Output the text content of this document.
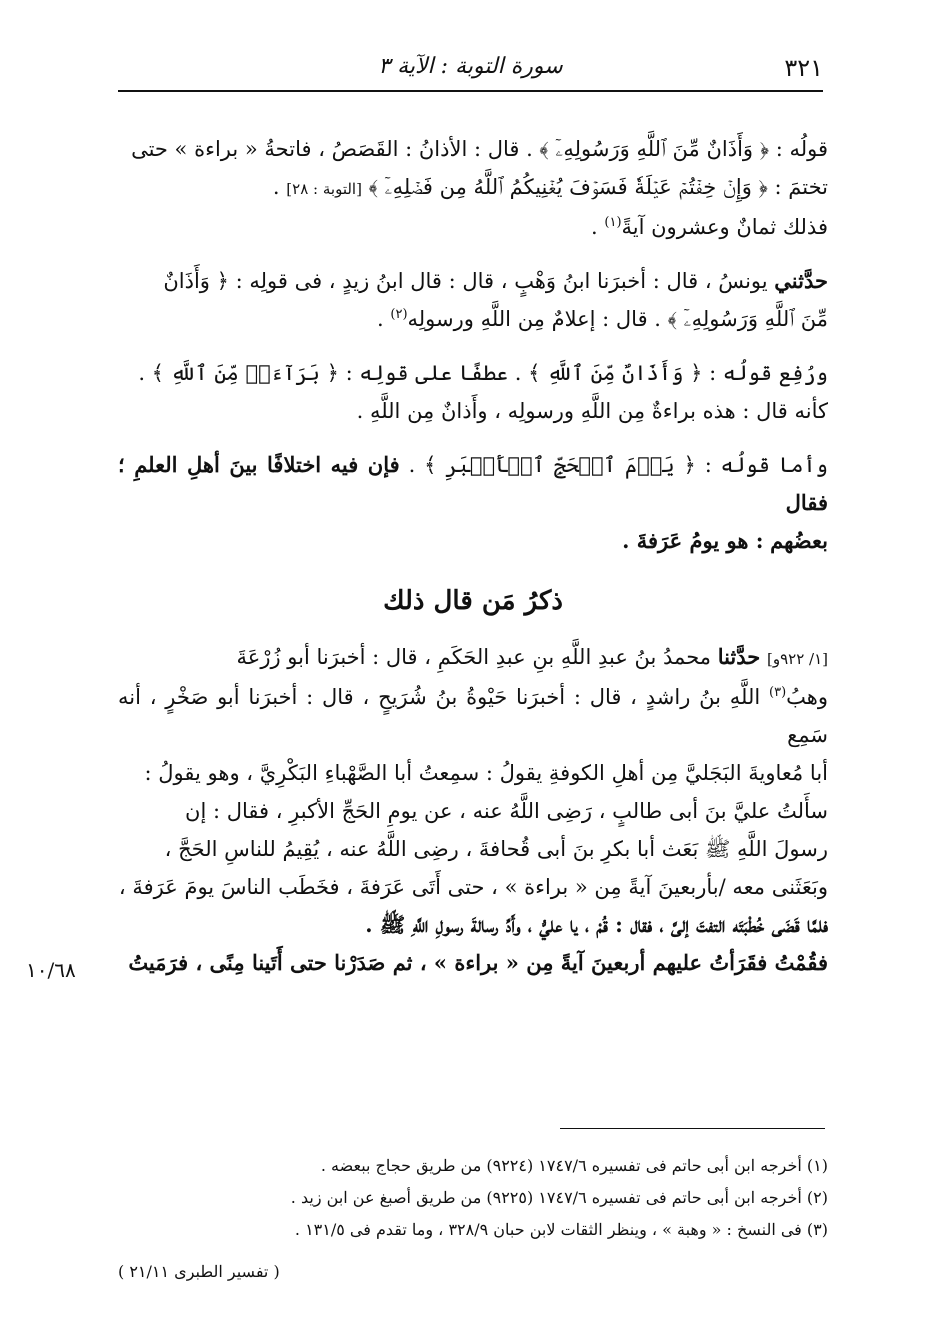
٣٢١
سورة التوبة : الآية ٣

قولُه : ﴿ وَأَذَانٌ مِّنَ ٱللَّهِ وَرَسُولِهِۦٓ ﴾ . قال : الأذانُ : القَصَصُ ، فاتحةُ « براءة » حتى
تختمَ : ﴿ وَإِنۡ خِفۡتُمۡ عَيۡلَةٗ فَسَوۡفَ يُغۡنِيكُمُ ٱللَّهُ مِن فَضۡلِهِۦٓ ﴾ [التوبة : ٢٨] .
فذلك ثمانٌ وعشرون آيةً$^{(١)}$ .

حدَّثني يونسُ ، قال : أخبرَنا ابنُ وَهْبٍ ، قال : قال ابنُ زيدٍ ، فى قولِه : ﴿ وَأَذَانٌ
مِّنَ ٱللَّهِ وَرَسُولِهِۦٓ ﴾ . قال : إعلامٌ مِن اللَّهِ ورسولِه$^{(٢)}$ .

ورُفِع قولُه : ﴿ وَأَذَانٌ مِّنَ ٱللَّهِ ﴾ . عطفًا على قولِه : ﴿ بَرَآءَةٞ مِّنَ ٱللَّهِ ﴾ .
كأنه قال : هذه براءةٌ مِن اللَّهِ ورسولِه ، وأَذانٌ مِن اللَّهِ .

وأما قولُه : ﴿ يَوۡمَ ٱلۡحَجِّ ٱلۡأَكۡبَرِ ﴾ . فإن فيه اختلافًا بينَ أهلِ العلمِ ؛ فقال
بعضُهم : هو يومُ عَرَفةَ .

ذكرُ مَن قال ذلك

[١/ ٩٢٢و] حدَّثنا محمدُ بنُ عبدِ اللَّهِ بنِ عبدِ الحَكَمِ ، قال : أخبرَنا أبو زُرْعَةَ
وهبُ$^{(٣)}$ اللَّهِ بنُ راشدٍ ، قال : أخبرَنا حَيْوةُ بنُ شُرَيحٍ ، قال : أخبرَنا أبو صَخْرٍ ، أنه سَمِع
أبا مُعاويةَ البَجَليَّ مِن أهلِ الكوفةِ يقولُ : سمِعتُ أبا الصَّهْباءِ البَكْرِيَّ ، وهو يقولُ :
سأَلتُ عليَّ بنَ أبى طالبٍ ، رَضِى اللَّهُ عنه ، عن يومِ الحَجِّ الأكبرِ ، فقال : إن
رسولَ اللَّهِ ﷺ بَعَث أبا بكرِ بنَ أبى قُحافةَ ، رضِى اللَّهُ عنه ، يُقِيمُ للناسِ الحَجَّ ،
وبَعَثَنى معه /بأربعينَ آيةً مِن « براءة » ، حتى أَتَى عَرَفةَ ، فخَطَب الناسَ يومَ عَرَفةَ ،
فلمَّا قَضَى خُطْبَتَه التفتَ إلىَّ ، فقال : قُمْ ، يا عليُّ ، وأَدِّ رسالةَ رسولِ اللَّهِ ﷺ .
فقُمْتُ فقَرَأتُ عليهم أربعينَ آيةً مِن « براءة » ، ثم صَدَرْنا حتى أَتَينا مِنًى ، فرَمَيتُ

١٠/٦٨

(١) أخرجه ابن أبى حاتم فى تفسيره ١٧٤٧/٦ (٩٢٢٤) من طريق حجاج ببعضه .

(٢) أخرجه ابن أبى حاتم فى تفسيره ١٧٤٧/٦ (٩٢٢٥) من طريق أصبغ عن ابن زيد .

(٣) فى النسخ : « وهبة » ، وينظر الثقات لابن حبان ٣٢٨/٩ ، وما تقدم فى ١٣١/٥ .

( تفسير الطبرى ٢١/١١ )
